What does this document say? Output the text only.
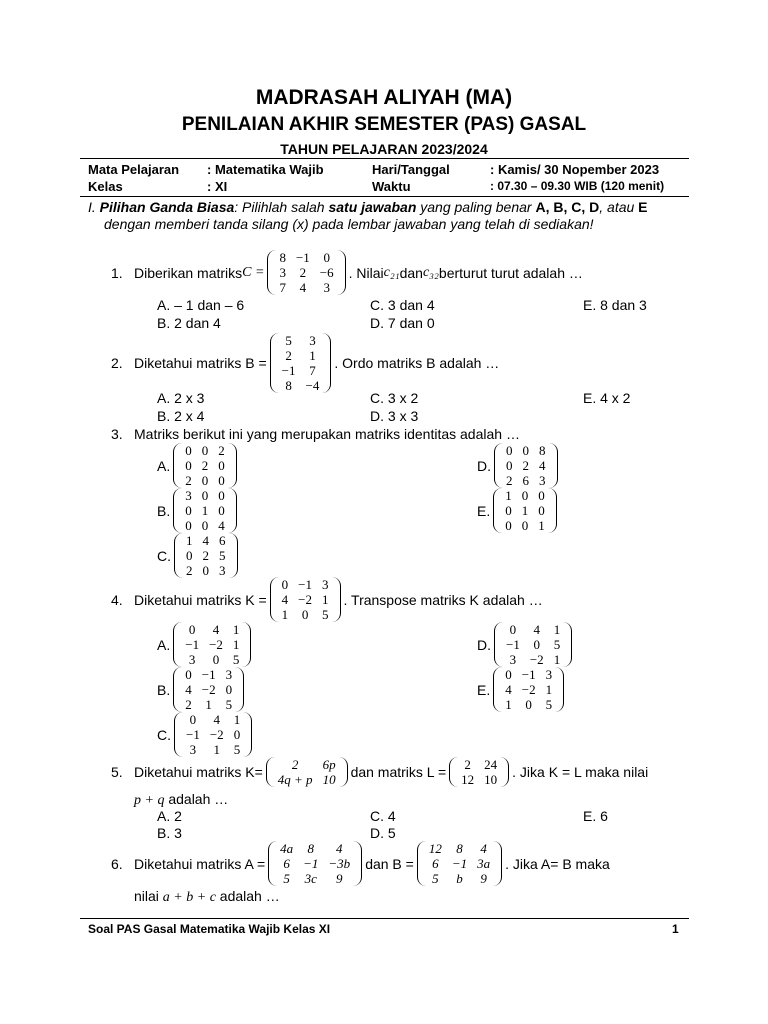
MADRASAH ALIYAH (MA)
PENILAIAN AKHIR SEMESTER (PAS) GASAL
TAHUN PELAJARAN 2023/2024
Mata Pelajaran : Matematika Wajib	Hari/Tanggal	: Kamis/ 30 Nopember 2023
Kelas	: XI	Waktu	: 07.30 – 09.30 WIB (120 menit)
I. Pilihan Ganda Biasa: Pilihlah salah satu jawaban yang paling benar A, B, C, D, atau E
dengan memberi tanda silang (x) pada lembar jawaban yang telah di sediakan!
1. Diberikan matriks C =
8	−1	0
3	2	−6
7	4	3
. Nilai c₂₁ dan c₃₂ berturut turut adalah …
A. – 1 dan – 6	C. 3 dan 4	E. 8 dan 3
B. 2 dan 4	D. 7 dan 0
2. Diketahui matriks B =
5	3
2	1
−1	7
8	−4
. Ordo matriks B adalah …
A. 2 x 3	C. 3 x 2	E. 4 x 2
B. 2 x 4	D. 3 x 3
3. Matriks berikut ini yang merupakan matriks identitas adalah …
A.
0	0	2
0	2	0
2	0	0
D.
0	0	8
0	2	4
2	6	3
B.
3	0	0
0	1	0
0	0	4
E.
1	0	0
0	1	0
0	0	1
C.
1	4	6
0	2	5
2	0	3
4. Diketahui matriks K =
0	−1	3
4	−2	1
1	0	5
. Transpose matriks K adalah …
A.
0	4	1
−1	−2	1
3	0	5
D.
0	4	1
−1	0	5
3	−2	1
B.
0	−1	3
4	−2	0
2	1	5
E.
0	−1	3
4	−2	1
1	0	5
C.
0	4	1
−1	−2	0
3	1	5
5. Diketahui matriks K= 2	6p
4q + p	10 dan matriks L = 2	24
12	10 . Jika K = L maka nilai
p + q adalah …
A. 2	C. 4	E. 6
B. 3	D. 5
6. Diketahui matriks A =
4a	8	4
6	−1	−3b
5	3c	9
dan B =
12	8	4
6	−1	3a
5	b	9
. Jika A= B maka
nilai a + b + c adalah …
Soal PAS Gasal Matematika Wajib Kelas XI	1
